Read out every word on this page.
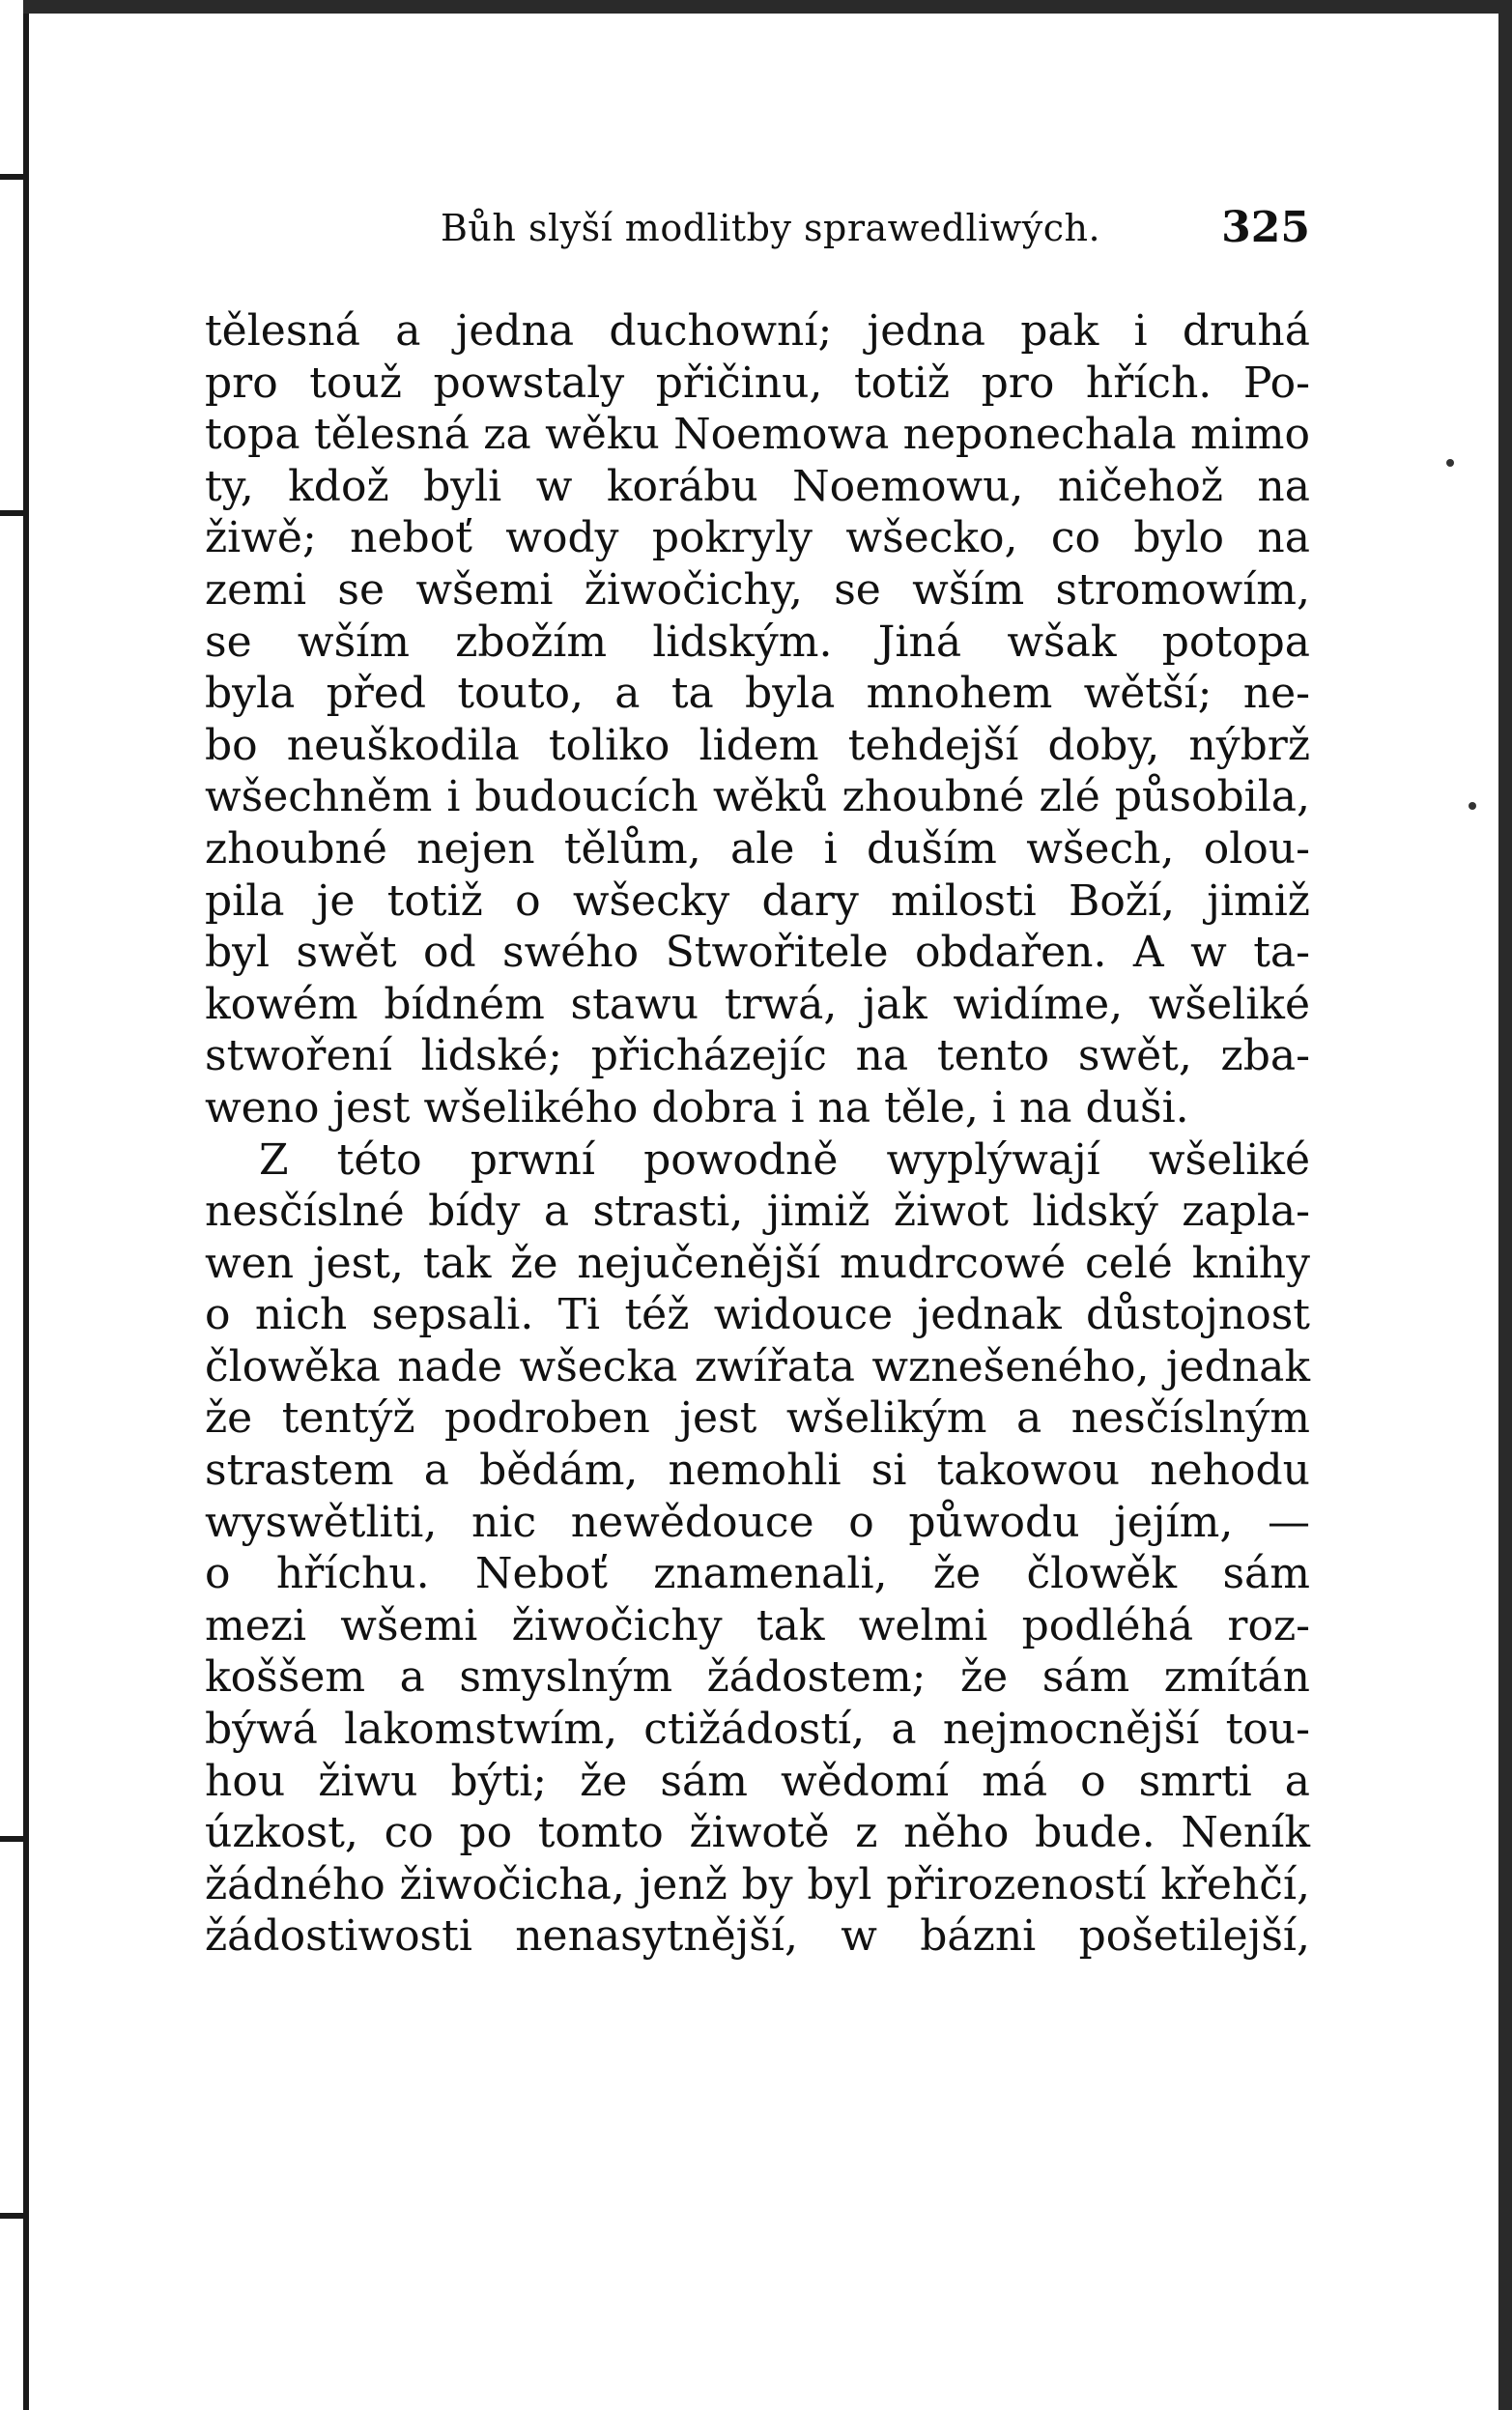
Bůh slyší modlitby sprawedliwých.	325
tělesná a jedna duchowní; jedna pak i druhá
pro touž powstaly přičinu, totiž pro hřích. Po-
topa tělesná za wěku Noemowa neponechala mimo
ty, kdož byli w korábu Noemowu, ničehož na
žiwě; neboť wody pokryly wšecko, co bylo na
zemi se wšemi žiwočichy, se wším stromowím,
se wším zbožím lidským. Jiná wšak potopa
byla před touto, a ta byla mnohem wětší; ne-
bo neuškodila toliko lidem tehdejší doby, nýbrž
wšechněm i budoucích wěků zhoubné zlé působila,
zhoubné nejen tělům, ale i duším wšech, olou-
pila je totiž o wšecky dary milosti Boží, jimiž
byl swět od swého Stwořitele obdařen. A w ta-
kowém bídném stawu trwá, jak widíme, wšeliké
stwoření lidské; přicházejíc na tento swět, zba-
weno jest wšelikého dobra i na těle, i na duši.
Z této prwní powodně wyplýwají wšeliké
nesčíslné bídy a strasti, jimiž žiwot lidský zapla-
wen jest, tak že nejučenější mudrcowé celé knihy
o nich sepsali. Ti též widouce jednak důstojnost
člowěka nade wšecka zwířata wznešeného, jednak
že tentýž podroben jest wšelikým a nesčíslným
strastem a bědám, nemohli si takowou nehodu
wyswětliti, nic newědouce o půwodu jejím, —
o hříchu. Neboť znamenali, že člowěk sám
mezi wšemi žiwočichy tak welmi podléhá roz-
koššem a smyslným žádostem; že sám zmítán
býwá lakomstwím, ctižádostí, a nejmocnější tou-
hou žiwu býti; že sám wědomí má o smrti a
úzkost, co po tomto žiwotě z něho bude. Neník
žádného žiwočicha, jenž by byl přirozeností křehčí,
žádostiwosti nenasytnější, w bázni pošetilejší,
